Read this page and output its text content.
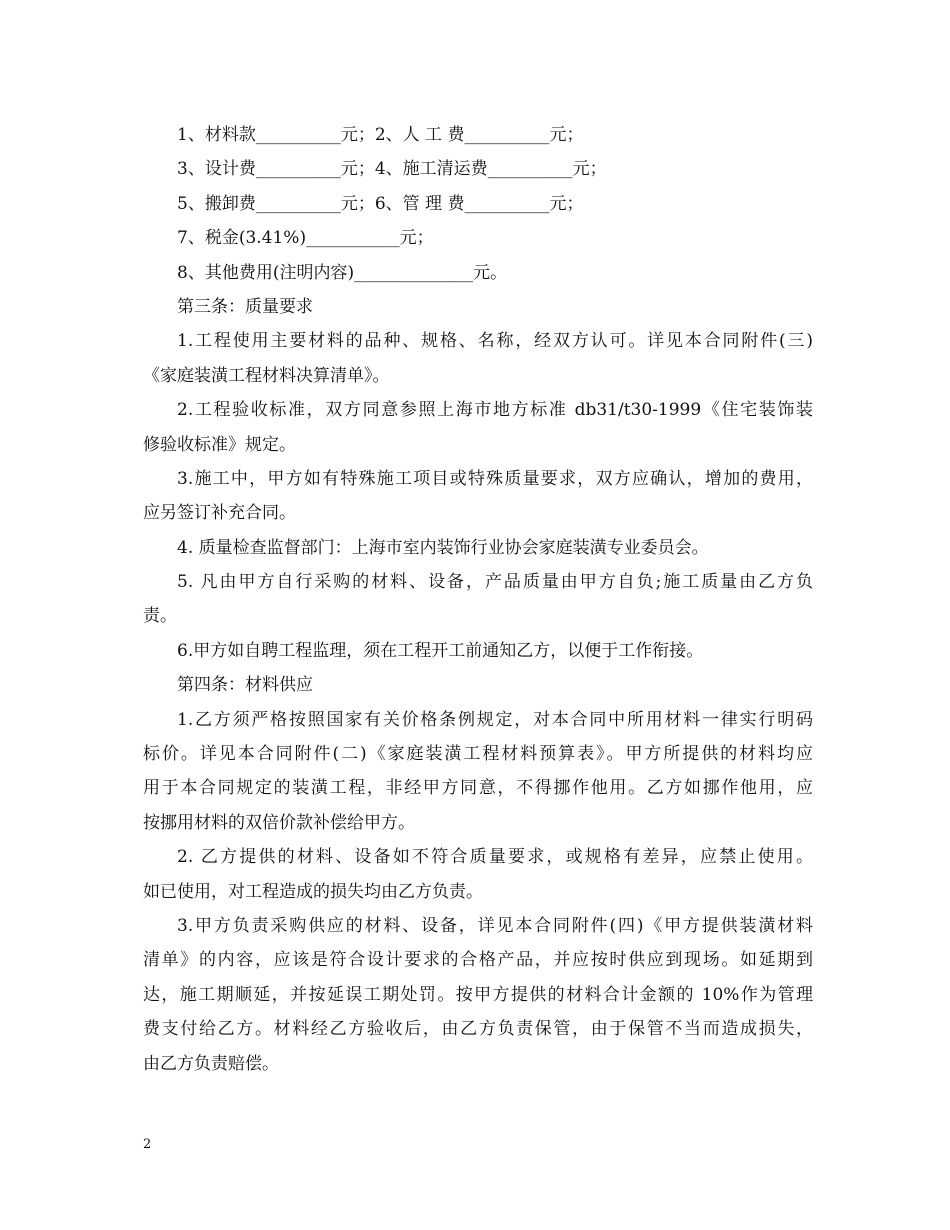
1、材料款__________元；2、人 工 费__________元；
3、设计费__________元；4、施工清运费__________元；
5、搬卸费__________元；6、管 理 费__________元；
7、税金(3.41%)___________元；
8、其他费用(注明内容)______________元。
第三条：质量要求
1.工程使用主要材料的品种、规格、名称，经双方认可。详见本合同附件(三)
《家庭装潢工程材料决算清单》。
2.工程验收标准，双方同意参照上海市地方标准 db31/t30-1999《住宅装饰装
修验收标准》规定。
3.施工中，甲方如有特殊施工项目或特殊质量要求，双方应确认，增加的费用，
应另签订补充合同。
4. 质量检查监督部门：上海市室内装饰行业协会家庭装潢专业委员会。
5. 凡由甲方自行采购的材料、设备，产品质量由甲方自负;施工质量由乙方负
责。
6.甲方如自聘工程监理，须在工程开工前通知乙方，以便于工作衔接。
第四条：材料供应
1.乙方须严格按照国家有关价格条例规定，对本合同中所用材料一律实行明码
标价。详见本合同附件(二)《家庭装潢工程材料预算表》。甲方所提供的材料均应
用于本合同规定的装潢工程，非经甲方同意，不得挪作他用。乙方如挪作他用，应
按挪用材料的双倍价款补偿给甲方。
2. 乙方提供的材料、设备如不符合质量要求，或规格有差异，应禁止使用。
如已使用，对工程造成的损失均由乙方负责。
3.甲方负责采购供应的材料、设备，详见本合同附件(四)《甲方提供装潢材料
清单》的内容，应该是符合设计要求的合格产品，并应按时供应到现场。如延期到
达，施工期顺延，并按延误工期处罚。按甲方提供的材料合计金额的 10%作为管理
费支付给乙方。材料经乙方验收后，由乙方负责保管，由于保管不当而造成损失，
由乙方负责赔偿。
2
